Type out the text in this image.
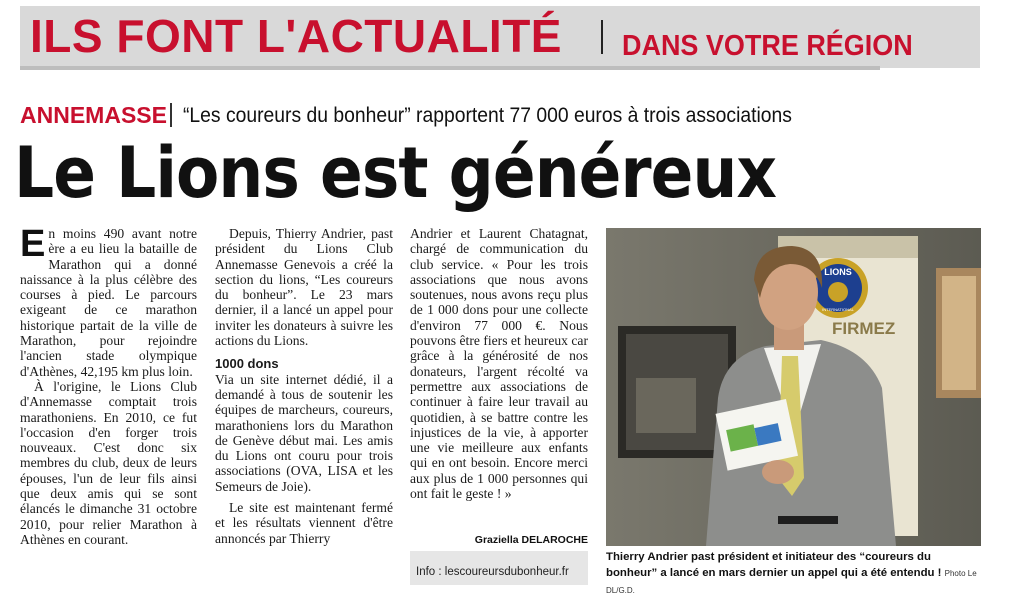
ILS FONT L'ACTUALITÉ DANS VOTRE RÉGION
ANNEMASSE “Les coureurs du bonheur” rapportent 77 000 euros à trois associations
Le Lions est généreux

En moins 490 avant notre ère a eu lieu la bataille de Marathon qui a donné naissance à la plus célèbre des courses à pied. Le parcours exigeant de ce marathon historique partait de la ville de Marathon, pour rejoindre l'ancien stade olympique d'Athènes, 42,195 km plus loin.

À l'origine, le Lions Club d'Annemasse comptait trois marathoniens. En 2010, ce fut l'occasion d'en forger trois nouveaux. C'est donc six membres du club, deux de leurs épouses, l'un de leur fils ainsi que deux amis qui se sont élancés le dimanche 31 octobre 2010, pour relier Marathon à Athènes en courant.

Depuis, Thierry Andrier, past président du Lions Club Annemasse Genevois a créé la section du lions, “Les coureurs du bonheur”. Le 23 mars dernier, il a lancé un appel pour inviter les donateurs à suivre les actions du Lions.

1000 dons

Via un site internet dédié, il a demandé à tous de soutenir les équipes de marcheurs, coureurs, marathoniens lors du Marathon de Genève début mai. Les amis du Lions ont couru pour trois associations (OVA, LISA et les Semeurs de Joie).

Le site est maintenant fermé et les résultats viennent d'être annoncés par Thierry

Andrier et Laurent Chatagnat, chargé de communication du club service. « Pour les trois associations que nous avons soutenues, nous avons reçu plus de 1 000 dons pour une collecte d'environ 77 000 €. Nous pouvons être fiers et heureux car grâce à la générosité de nos donateurs, l'argent récolté va permettre aux associations de continuer à faire leur travail au quotidien, à se battre contre les injustices de la vie, à apporter une vie meilleure aux enfants qui en ont besoin. Encore merci aux plus de 1 000 personnes qui ont fait le geste ! »

Graziella DELAROCHE
Info : lescoureursdubonheur.fr
LIONS
INTERNATIONAL
FIRMEZ
Thierry Andrier past président et initiateur des “coureurs du bonheur” a lancé en mars dernier un appel qui a été entendu ! Photo Le DL/G.D.
